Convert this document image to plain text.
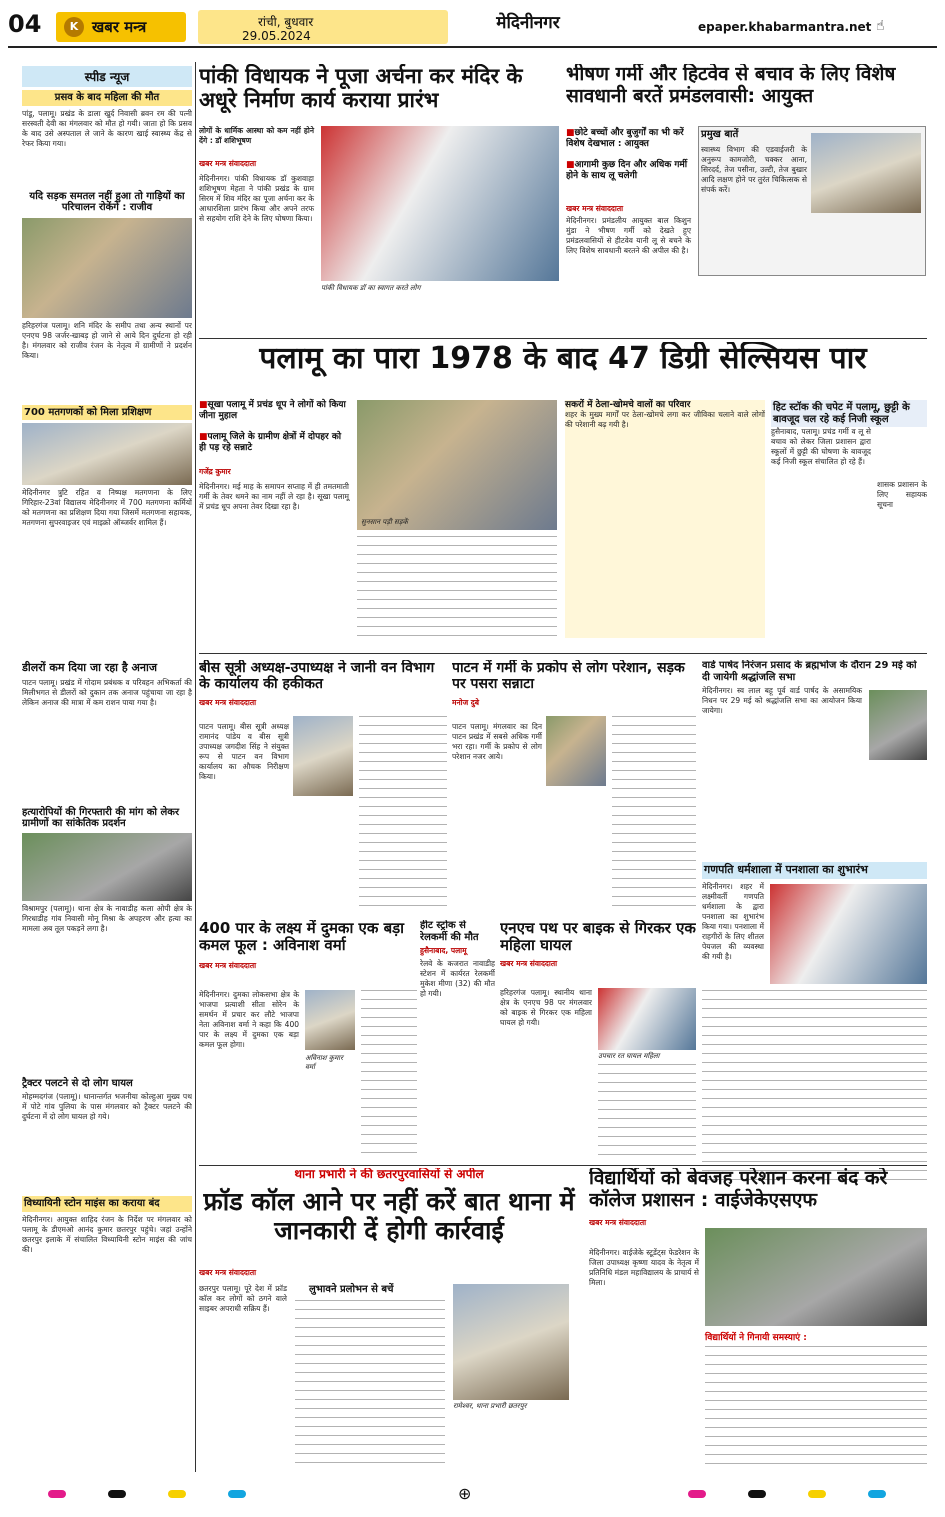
04	K खबर मन्त्र	रांची, बुधवार
29.05.2024
मेदिनीनगर	epaper.khabarmantra.net ☝
स्पीड न्यूज
प्रसव के बाद महिला की मौत
पांडू, पलामू। प्रखंड के डाला खुर्द निवासी ब्रवन रम की पत्नी सरस्वती देवी का मंगलवार को मौत हो गयी। जाता हो कि प्रसव के बाद उसे अस्पताल ले जाने के कारण खाई स्वास्थ्य केंद्र से रेफर किया गया।
यदि सड़क समतल नहीं हुआ तो गाड़ियों का परिचालन रोकेंगे : राजीव
हरिहरगंज पलामू। शनि मंदिर के समीप तथा अन्य स्थानों पर एनएच 98 जर्जर-खाबड़ हो जाने से आये दिन दुर्घटना हो रही है। मंगलवार को राजीव रंजन के नेतृत्व में ग्रामीणों ने प्रदर्शन किया।
700 मतगणकों को मिला प्रशिक्षण
मेदिनीनगर त्रुटि रहित व निष्पक्ष मतगणना के लिए गिरिहार-23वां विद्यालय मेदिनीनगर में 700 मतगणना कर्मियों को मतगणना का प्रशिक्षण दिया गया जिसमें मतगणना सहायक, मतगणना सुपरवाइजर एवं माइक्रो ऑब्जर्वर शामिल हैं।
डीलरों कम दिया जा रहा है अनाज
पाटन पलामू। प्रखंड में गोदाम प्रबंधक व परिवहन अभिकर्ता की मिलीभगत से डीलरों को दुकान तक अनाज पहुंचाया जा रहा है लेकिन अनाज की मात्रा में कम राशन पाया गया है।
हत्यारोपियों की गिरफ्तारी की मांग को लेकर ग्रामीणों का सांकेतिक प्रदर्शन
विश्रामपुर (पलामू)। थाना क्षेत्र के नावाडीह कला ओपी क्षेत्र के गिरधाडीह गांव निवासी मोनू मिश्रा के अपहरण और हत्या का मामला अब तूल पकड़ने लगा है।
ट्रैक्टर पलटने से दो लोग घायल
मोहम्मदगंज (पलामू)। थानान्तर्गत भजनीया कोल्हुआ मुख्य पथ में पोटे गांव पुलिया के पास मंगलवार को ट्रैक्टर पलटने की दुर्घटना में दो लोग घायल हो गये।
विध्यायिनी स्टोन माइंस का कराया बंद
मेदिनीनगर। आयुक्त शाहिद रंजन के निर्देश पर मंगलवार को पलामू के डीएमओ आनंद कुमार छतरपुर पहुंचे। जहां उन्होंने छतरपुर इलाके में संचालित विध्यायिनी स्टोन माइंस की जांच की।
पांकी विधायक ने पूजा अर्चना कर मंदिर के अधूरे निर्माण कार्य कराया प्रारंभ
लोगों के धार्मिक आस्था को कम नहीं होने देंगे : डॉ शशिभूषण
खबर मन्त्र संवाददाता
मेदिनीनगर। पांकी विधायक डॉ कुशवाहा शशिभूषण मेहता ने पांकी प्रखंड के ग्राम सिरम में शिव मंदिर का पूजा अर्चना कर के आधारशिला प्रारंभ किया और अपने तरफ से सहयोग राशि देने के लिए घोषणा किया।
पांकी विधायक डॉ का स्वागत करते लोग
भीषण गर्मी और हिटवेव से बचाव के लिए विशेष सावधानी बरतें प्रमंडलवासी: आयुक्त
■ छोटे बच्चों और बुजुर्गों का भी करें विशेष देखभाल : आयुक्त
■ आगामी कुछ दिन और अधिक गर्मी होने के साथ लू चलेगी
खबर मन्त्र संवाददाता
मेदिनीनगर। प्रमंडलीय आयुक्त बाल किशुन मुंडा ने भीषण गर्मी को देखते हुए प्रमंडलवासियों से हीटवेव यानी लू से बचने के लिए विशेष सावधानी बरतने की अपील की है।
प्रमुख बातें
स्वास्थ्य विभाग की एडवाईजरी के अनुरूप कामजोरी, चक्कर आना, सिरदर्द, तेज पसीना, उल्टी, तेज बुखार आदि लक्षण होने पर तुरंत चिकित्सक से संपर्क करें।
पलामू का पारा 1978 के बाद 47 डिग्री सेल्सियस पार
■ सूखा पलामू में प्रचंड धूप ने लोगों को किया जीना मुहाल
■ पलामू जिले के ग्रामीण क्षेत्रों में दोपहर को ही पड़ रहे सन्नाटे
गजेंद्र कुमार
मेदिनीनगर। मई माह के समापन सप्ताह में ही तमतमाती गर्मी के तेवर थमने का नाम नहीं ले रहा है। सूखा पलामू में प्रचंड धूप अपना तेवर दिखा रहा है।
सुनसान पड़ी सड़कें
सकरों में ठेला-खोमचे वालों का परिवार
शहर के मुख्य मार्गों पर ठेला-खोमचे लगा कर जीविका चलाने वाले लोगों की परेशानी बढ़ गयी है।
हिट स्टॉक की चपेट में पलामू, छुट्टी के बावजूद चल रहे कई निजी स्कूल
हुसैनाबाद, पलामू। प्रचंड गर्मी व लू से बचाव को लेकर जिला प्रशासन द्वारा स्कूलों में छुट्टी की घोषणा के बावजूद कई निजी स्कूल संचालित हो रहे हैं।
शासक प्रशासन के लिए सहायक सूचना
बीस सूत्री अध्यक्ष-उपाध्यक्ष ने जानी वन विभाग के कार्यालय की हकीकत
खबर मन्त्र संवाददाता
पाटन पलामू। बीस सूत्री अध्यक्ष रामानंद पांडेय व बीस सूत्री उपाध्यक्ष जगदीश सिंह ने संयुक्त रूप से पाटन वन विभाग कार्यालय का औचक निरीक्षण किया।
पाटन में गर्मी के प्रकोप से लोग परेशान, सड़क पर पसरा सन्नाटा
मनोज दुबे
पाटन पलामू। मंगलवार का दिन पाटन प्रखंड में सबसे अधिक गर्मी भरा रहा। गर्मी के प्रकोप से लोग परेशान नजर आये।
वार्ड पार्षद निरंजन प्रसाद के ब्रह्मभोज के दौरान 29 मई को दी जायेगी श्रद्धांजलि सभा
मेदिनीनगर। स्व लाल बहू पूर्व वार्ड पार्षद के असामयिक निधन पर 29 मई को श्रद्धांजलि सभा का आयोजन किया जायेगा।
गणपति धर्मशाला में पनशाला का शुभारंभ
मेदिनीनगर। शहर में लक्ष्मीवर्ती गणपति धर्मशाला के द्वारा पनशाला का शुभारंभ किया गया। पनशाला में राहगीरों के लिए शीतल पेयजल की व्यवस्था की गयी है।
400 पार के लक्ष्य में दुमका एक बड़ा कमल फूल : अविनाश वर्मा
खबर मन्त्र संवाददाता
मेदिनीनगर। दुमका लोकसभा क्षेत्र के भाजपा प्रत्याशी सीता सोरेन के समर्थन में प्रचार कर लौटे भाजपा नेता अविनाश वर्मा ने कहा कि 400 पार के लक्ष्य में दुमका एक बड़ा कमल फूल होगा।
अविनाश कुमार वर्मा
हीट स्ट्रोक से रेलकर्मी की मौत
हुसैनाबाद, पलामू
रेलवे के कजरात नावाडीह स्टेशन में कार्यरत रेलकर्मी मुकेश मीणा (32) की मौत हो गयी।
एनएच पथ पर बाइक से गिरकर एक महिला घायल
खबर मन्त्र संवाददाता
हरिहरगंज पलामू। स्थानीय थाना क्षेत्र के एनएच 98 पर मंगलवार को बाइक से गिरकर एक महिला घायल हो गयी।
उपचार रत घायल महिला
थाना प्रभारी ने की छतरपुरवासियों से अपील
फ्रॉड कॉल आने पर नहीं करें बात थाना में जानकारी दें होगी कार्रवाई
खबर मन्त्र संवाददाता
छतरपुर पलामू। पूरे देश में फ्रॉड कॉल कर लोगों को ठगने वाले साइबर अपराधी सक्रिय हैं।
लुभावने प्रलोभन से बचें
रामेश्वर, थाना प्रभारी छतरपुर
विद्यार्थियों को बेवजह परेशान करना बंद करे कॉलेज प्रशासन : वाईजेकेएसएफ
खबर मन्त्र संवाददाता
मेदिनीनगर। वाईजेके स्टूडेंट्स फेडरेशन के जिला उपाध्यक्ष कृष्णा यादव के नेतृत्व में प्रतिनिधि मंडल महाविद्यालय के प्राचार्य से मिला।
विद्यार्थियों ने गिनायी समस्याएं :
⊕
